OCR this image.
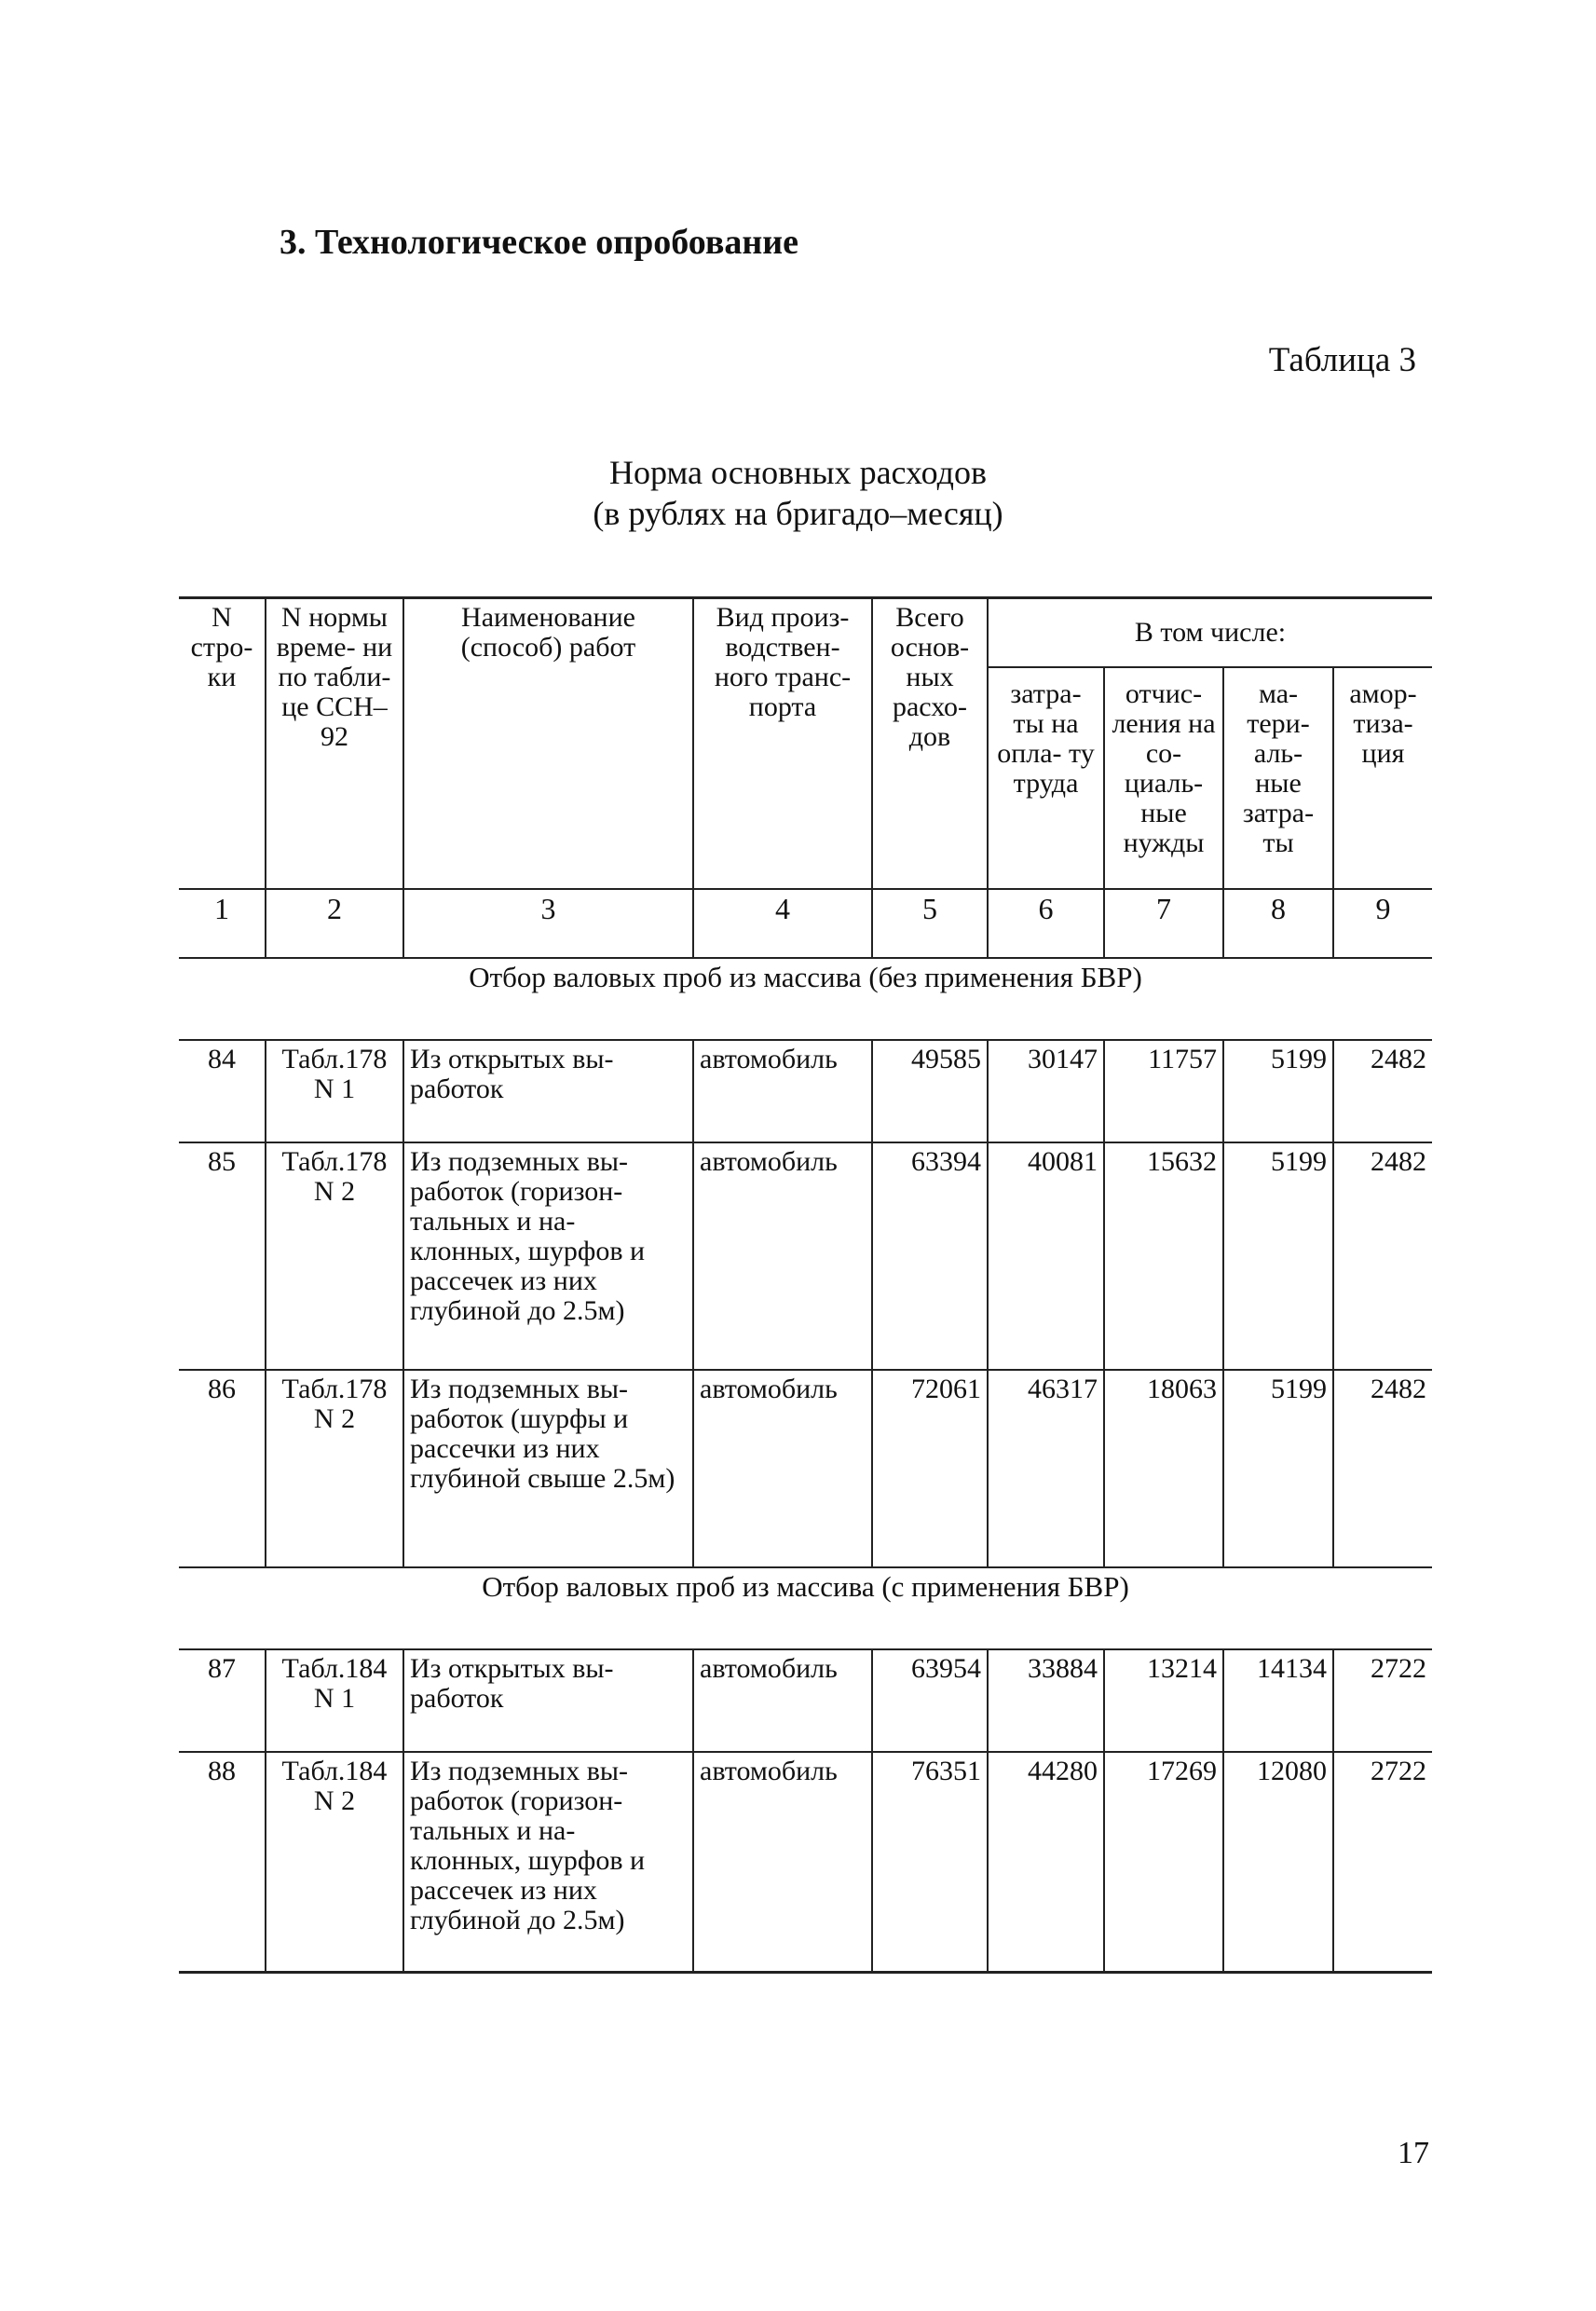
3. Технологическое опробование
Таблица 3
Норма основных расходов
(в рублях на бригадо–месяц)
N стро- ки	N нормы време- ни по табли- це ССН–92	Наименование (способ) работ	Вид произ- водствен- ного транс- порта	Всего основ- ных расхо- дов	В том числе:			
					затра- ты на опла- ту труда	отчис- ления на со- циаль- ные нужды	ма- тери- аль- ные затра- ты	амор- тиза- ция
1	2	3	4	5	6	7	8	9
Отбор валовых проб из массива (без применения БВР)								
84	Табл.178 N 1	Из открытых вы- работок	автомобиль	49585	30147	11757	5199	2482
85	Табл.178 N 2	Из подземных вы- работок (горизон- тальных и на- клонных, шурфов и рассечек из них глубиной до 2.5м)	автомобиль	63394	40081	15632	5199	2482
86	Табл.178 N 2	Из подземных вы- работок (шурфы и рассечки из них глубиной свыше 2.5м)	автомобиль	72061	46317	18063	5199	2482
Отбор валовых проб из массива (с применения БВР)								
87	Табл.184 N 1	Из открытых вы- работок	автомобиль	63954	33884	13214	14134	2722
88	Табл.184 N 2	Из подземных вы- работок (горизон- тальных и на- клонных, шурфов и рассечек из них глубиной до 2.5м)	автомобиль	76351	44280	17269	12080	2722
17
